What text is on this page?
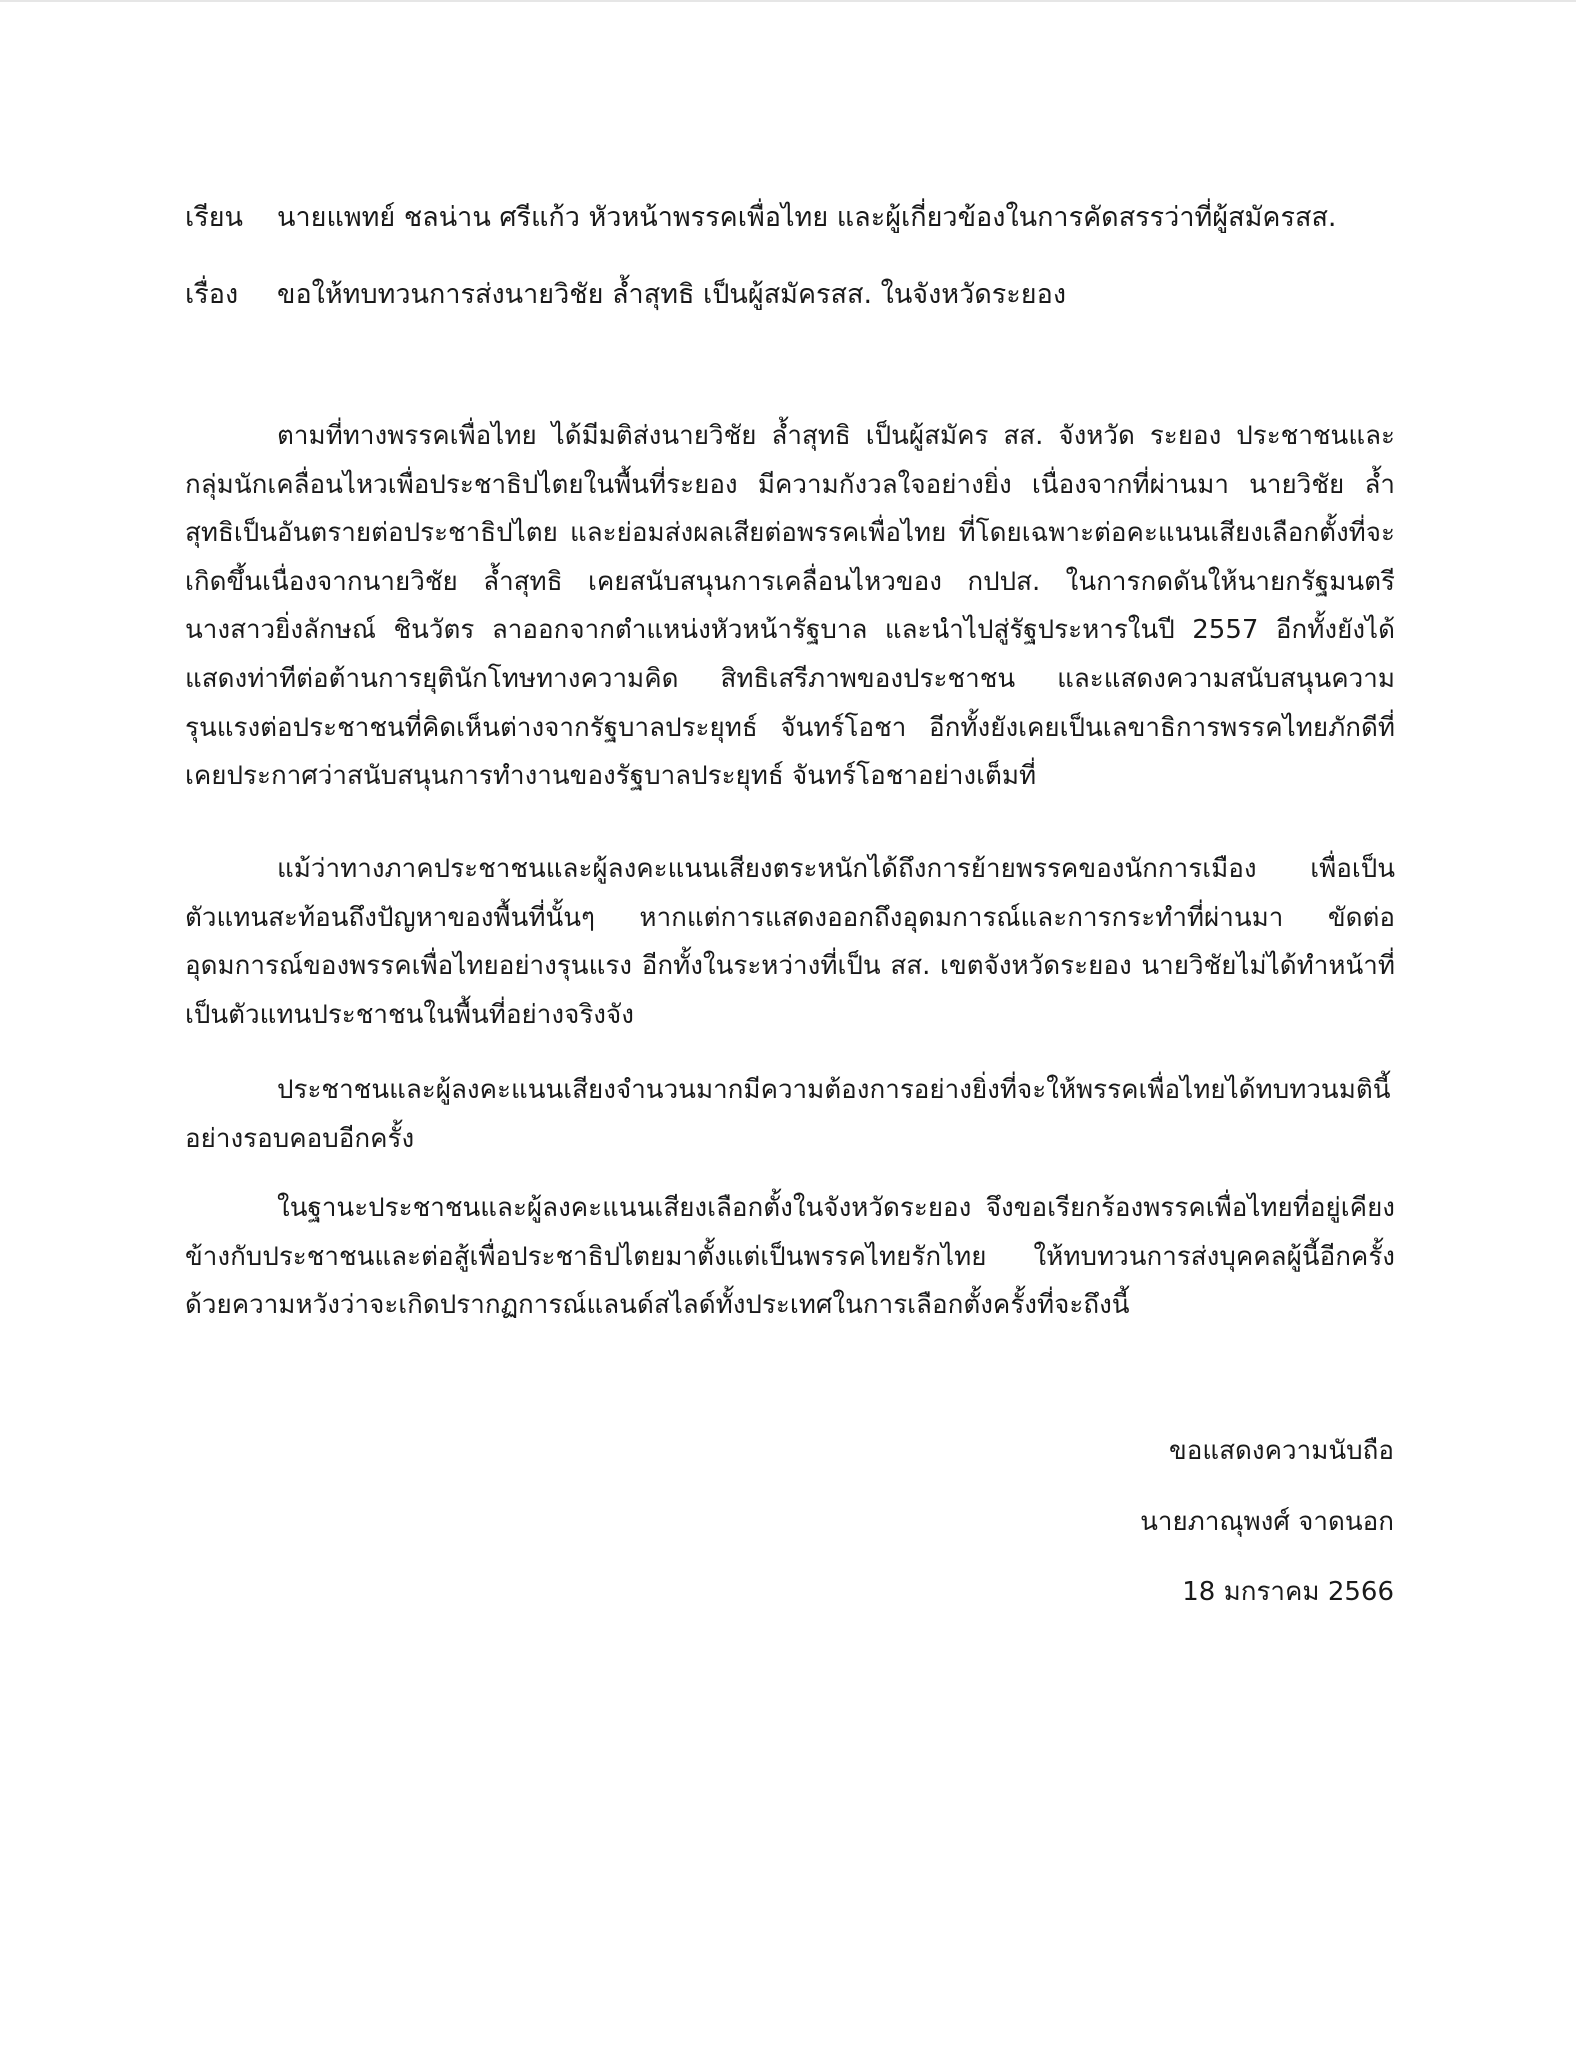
เรียน นายแพทย์ ชลน่าน ศรีแก้ว หัวหน้าพรรคเพื่อไทย และผู้เกี่ยวข้องในการคัดสรรว่าที่ผู้สมัครสส.
เรื่อง ขอให้ทบทวนการส่งนายวิชัย ล้ำสุทธิ เป็นผู้สมัครสส. ในจังหวัดระยอง

ตามที่ทางพรรคเพื่อไทย ได้มีมติส่งนายวิชัย ล้ำสุทธิ เป็นผู้สมัคร สส. จังหวัด ระยอง ประชาชนและกลุ่มนักเคลื่อนไหวเพื่อประชาธิปไตยในพื้นที่ระยอง มีความกังวลใจอย่างยิ่ง เนื่องจากที่ผ่านมา นายวิชัย ล้ำสุทธิเป็นอันตรายต่อประชาธิปไตย และย่อมส่งผลเสียต่อพรรคเพื่อไทย ที่โดยเฉพาะต่อคะแนนเสียงเลือกตั้งที่จะเกิดขึ้นเนื่องจากนายวิชัย ล้ำสุทธิ เคยสนับสนุนการเคลื่อนไหวของ กปปส. ในการกดดันให้นายกรัฐมนตรีนางสาวยิ่งลักษณ์ ชินวัตร ลาออกจากตำแหน่งหัวหน้ารัฐบาล และนำไปสู่รัฐประหารในปี 2557 อีกทั้งยังได้แสดงท่าทีต่อต้านการยุตินักโทษทางความคิด สิทธิเสรีภาพของประชาชน และแสดงความสนับสนุนความรุนแรงต่อประชาชนที่คิดเห็นต่างจากรัฐบาลประยุทธ์ จันทร์โอชา อีกทั้งยังเคยเป็นเลขาธิการพรรคไทยภักดีที่เคยประกาศว่าสนับสนุนการทำงานของรัฐบาลประยุทธ์ จันทร์โอชาอย่างเต็มที่

แม้ว่าทางภาคประชาชนและผู้ลงคะแนนเสียงตระหนักได้ถึงการย้ายพรรคของนักการเมือง เพื่อเป็นตัวแทนสะท้อนถึงปัญหาของพื้นที่นั้นๆ หากแต่การแสดงออกถึงอุดมการณ์และการกระทำที่ผ่านมา ขัดต่ออุดมการณ์ของพรรคเพื่อไทยอย่างรุนแรง อีกทั้งในระหว่างที่เป็น สส. เขตจังหวัดระยอง นายวิชัยไม่ได้ทำหน้าที่เป็นตัวแทนประชาชนในพื้นที่อย่างจริงจัง

ประชาชนและผู้ลงคะแนนเสียงจำนวนมากมีความต้องการอย่างยิ่งที่จะให้พรรคเพื่อไทยได้ทบทวนมตินี้อย่างรอบคอบอีกครั้ง

ในฐานะประชาชนและผู้ลงคะแนนเสียงเลือกตั้งในจังหวัดระยอง จึงขอเรียกร้องพรรคเพื่อไทยที่อยู่เคียงข้างกับประชาชนและต่อสู้เพื่อประชาธิปไตยมาตั้งแต่เป็นพรรคไทยรักไทย ให้ทบทวนการส่งบุคคลผู้นี้อีกครั้ง ด้วยความหวังว่าจะเกิดปรากฏการณ์แลนด์สไลด์ทั้งประเทศในการเลือกตั้งครั้งที่จะถึงนี้

ขอแสดงความนับถือ
นายภาณุพงศ์ จาดนอก
18 มกราคม 2566
